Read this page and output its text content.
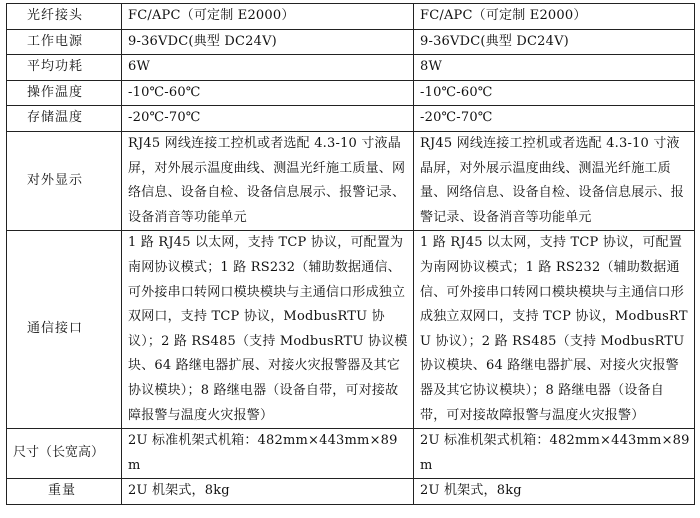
光纤接头	FC/APC（可定制 E2000）	FC/APC（可定制 E2000）
工作电源	9-36VDC(典型 DC24V)	9-36VDC(典型 DC24V)
平均功耗	6W	8W
操作温度	-10℃-60℃	-10℃-60℃
存储温度	-20℃-70℃	-20℃-70℃
对外显示	RJ45 网线连接工控机或者选配 4.3-10 寸液晶屏，对外展示温度曲线、测温光纤施工质量、网络信息、设备自检、设备信息展示、报警记录、设备消音等功能单元	RJ45 网线连接工控机或者选配 4.3-10 寸液晶屏，对外展示温度曲线、测温光纤施工质量、网络信息、设备自检、设备信息展示、报警记录、设备消音等功能单元
通信接口	1 路 RJ45 以太网，支持 TCP 协议，可配置为南网协议模式；1 路 RS232（辅助数据通信、可外接串口转网口模块模块与主通信口形成独立双网口，支持 TCP 协议，ModbusRTU 协议）；2 路 RS485（支持 ModbusRTU 协议模块、64 路继电器扩展、对接火灾报警器及其它协议模块）；8 路继电器（设备自带，可对接故障报警与温度火灾报警）	1 路 RJ45 以太网，支持 TCP 协议，可配置为南网协议模式；1 路 RS232（辅助数据通信、可外接串口转网口模块模块与主通信口形成独立双网口，支持 TCP 协议，ModbusRTU 协议）；2 路 RS485（支持 ModbusRTU 协议模块、64 路继电器扩展、对接火灾报警器及其它协议模块）；8 路继电器（设备自带，可对接故障报警与温度火灾报警）
尺寸（长宽高）	2U 标准机架式机箱：482mm×443mm×89m	2U 标准机架式机箱：482mm×443mm×89m
重量	2U 机架式，8kg	2U 机架式，8kg
